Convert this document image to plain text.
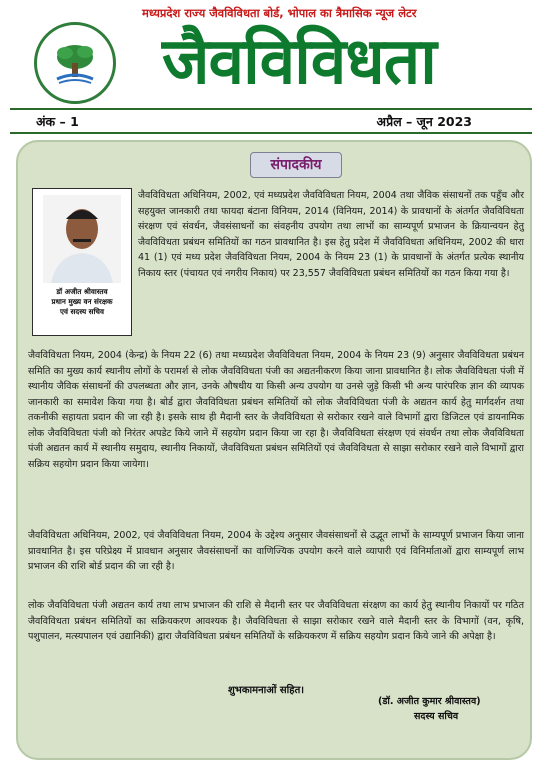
मध्यप्रदेश राज्य जैवविविधता बोर्ड, भोपाल का त्रैमासिक न्यूज लेटर
जैवविविधता
अंक – 1	अप्रैल – जून 2023
संपादकीय
डॉ अजीत श्रीवास्तव
प्रधान मुख्य वन संरक्षक
एवं सदस्य सचिव
जैवविविधता अधिनियम, 2002, एवं मध्यप्रदेश जैवविविधता नियम, 2004 तथा जैविक संसाधनों तक पहुँच और सहयुक्त जानकारी तथा फायदा बंटाना विनियम, 2014 (विनियम, 2014) के प्रावधानों के अंतर्गत जैवविविधता संरक्षण एवं संवर्धन, जैवसंसाधनों का संवहनीय उपयोग तथा लाभों का साम्यपूर्ण प्रभाजन के क्रियान्वयन हेतु जैवविविधता प्रबंधन समितियों का गठन प्रावधानित है। इस हेतु प्रदेश में जैवविविधता अधिनियम, 2002 की धारा 41 (1) एवं मध्य प्रदेश जैवविविधता नियम, 2004 के नियम 23 (1) के प्रावधानों के अंतर्गत प्रत्येक स्थानीय निकाय स्तर (पंचायत एवं नगरीय निकाय) पर 23,557 जैवविविधता प्रबंधन समितियों का गठन किया गया है।
जैवविविधता नियम, 2004 (केन्द्र) के नियम 22 (6) तथा मध्यप्रदेश जैवविविधता नियम, 2004 के नियम 23 (9) अनुसार जैवविविधता प्रबंधन समिति का मुख्य कार्य स्थानीय लोगों के परामर्श से लोक जैवविविधता पंजी का अद्यतनीकरण किया जाना प्रावधानित है। लोक जैवविविधता पंजी में स्थानीय जैविक संसाधनों की उपलब्धता और ज्ञान, उनके औषधीय या किसी अन्य उपयोग या उनसे जुड़े किसी भी अन्य पारंपरिक ज्ञान की व्यापक जानकारी का समावेश किया गया है। बोर्ड द्वारा जैवविविधता प्रबंधन समितियों को लोक जैवविविधता पंजी के अद्यतन कार्य हेतु मार्गदर्शन तथा तकनीकी सहायता प्रदान की जा रही है। इसके साथ ही मैदानी स्तर के जैवविविधता से सरोकार रखने वाले विभागों द्वारा डिजिटल एवं डायनामिक लोक जैवविविधता पंजी को निरंतर अपडेट किये जाने में सहयोग प्रदान किया जा रहा है। जैवविविधता संरक्षण एवं संवर्धन तथा लोक जैवविविधता पंजी अद्यतन कार्य में स्थानीय समुदाय, स्थानीय निकायों, जैवविविधता प्रबंधन समितियों एवं जैवविविधता से साझा सरोकार रखने वाले विभागों द्वारा सक्रिय सहयोग प्रदान किया जायेगा।
जैवविविधता अधिनियम, 2002, एवं जैवविविधता नियम, 2004 के उद्देश्य अनुसार जैवसंसाधनों से उद्भूत लाभों के साम्यपूर्ण प्रभाजन किया जाना प्रावधानित है। इस परिप्रेक्ष्य में प्रावधान अनुसार जैवसंसाधनों का वाणिज्यिक उपयोग करने वाले व्यापारी एवं विनिर्माताओं द्वारा साम्यपूर्ण लाभ प्रभाजन की राशि बोर्ड प्रदान की जा रही है।
लोक जैवविविधता पंजी अद्यतन कार्य तथा लाभ प्रभाजन की राशि से मैदानी स्तर पर जैवविविधता संरक्षण का कार्य हेतु स्थानीय निकायों पर गठित जैवविविधता प्रबंधन समितियों का सक्रियकरण आवश्यक है। जैवविविधता से साझा सरोकार रखने वाले मैदानी स्तर के विभागों (वन, कृषि, पशुपालन, मत्स्यपालन एवं उद्यानिकी) द्वारा जैवविविधता प्रबंधन समितियों के सक्रियकरण में सक्रिय सहयोग प्रदान किये जाने की अपेक्षा है।
शुभकामनाओं सहित।
(डॉ. अजीत कुमार श्रीवास्तव)
सदस्य सचिव
